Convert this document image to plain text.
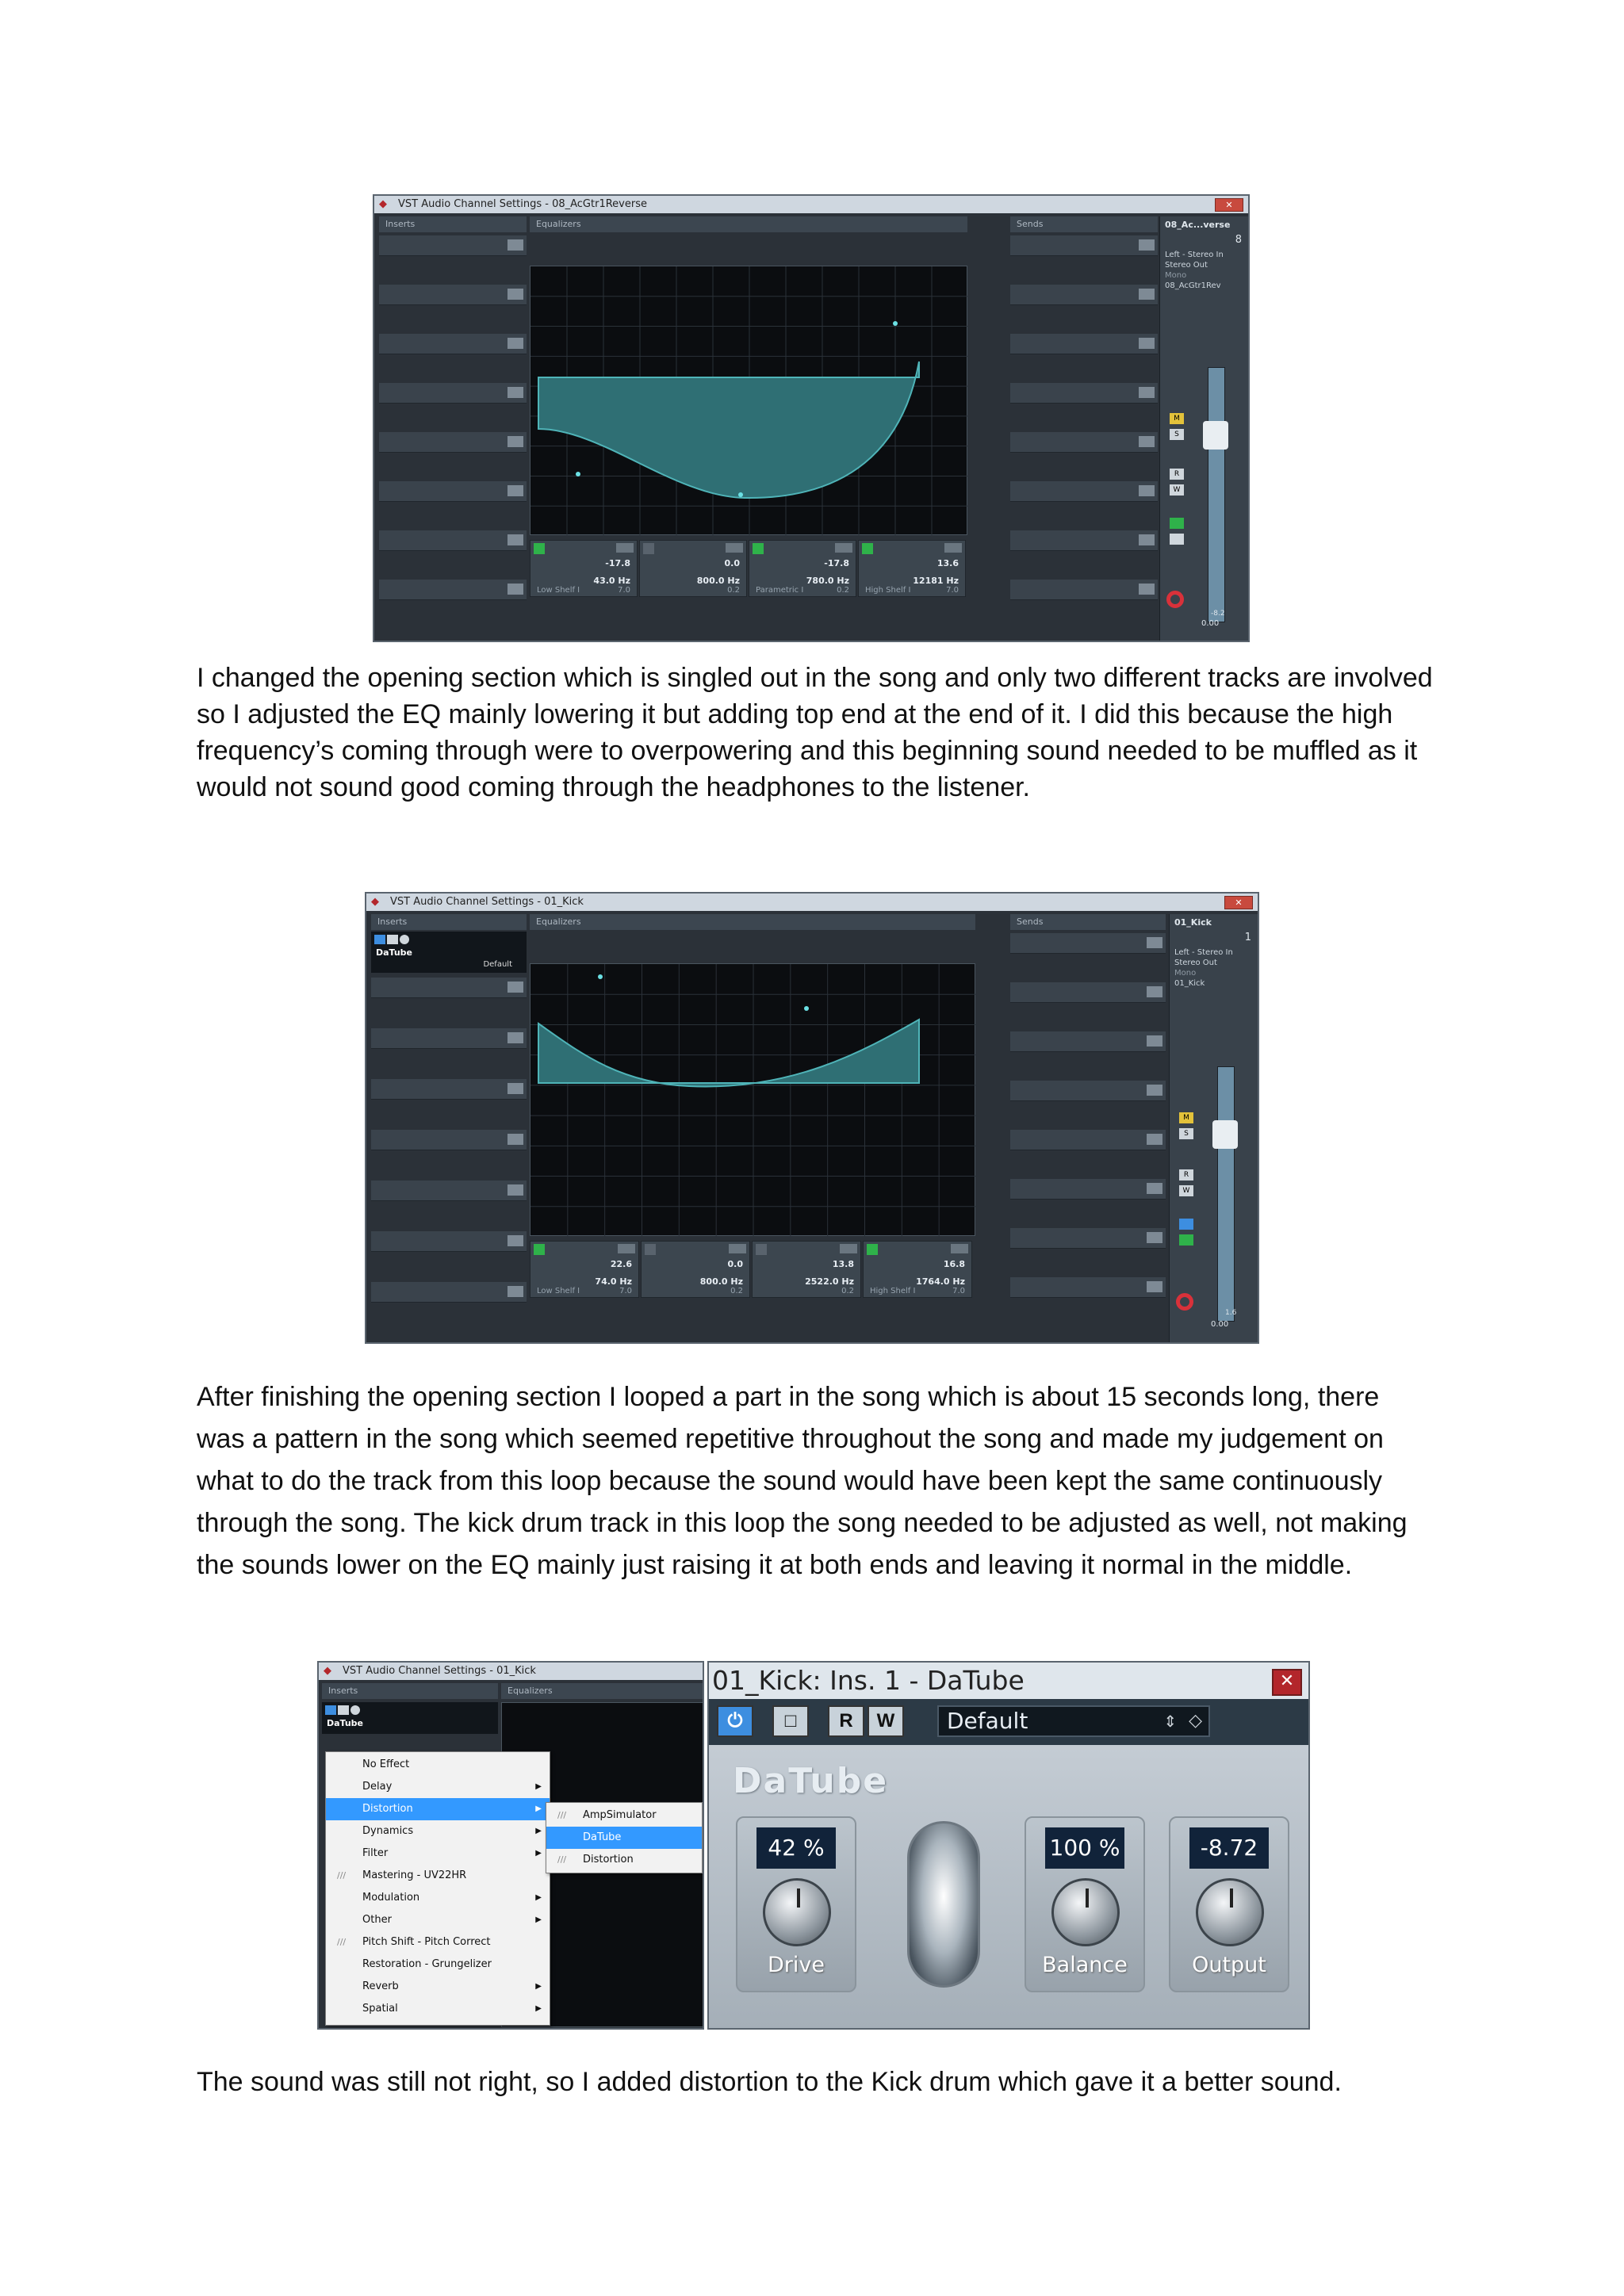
◆	VST Audio Channel Settings - 08_AcGtr1Reverse	✕
Inserts	Equalizers	Sends
-17.8
43.0 Hz
Low Shelf I	7.0
0.0
800.0 Hz
0.2
-17.8
780.0 Hz
Parametric I	0.2
13.6
12181 Hz
High Shelf I	7.0
08_Ac...verse
8
Left - Stereo In
Stereo Out
Mono
08_AcGtr1Rev
M
S
R
W
-8.2
0.00

I changed the opening section which is singled out in the song and only two different tracks are involved so I adjusted the EQ mainly lowering it but adding top end at the end of it. I did this because the high frequency’s coming through were to overpowering and this beginning sound needed to be muffled as it would not sound good coming through the headphones to the listener.

◆	VST Audio Channel Settings - 01_Kick	✕
Inserts	Equalizers	Sends
DaTube
Default
22.6
74.0 Hz
Low Shelf I	7.0
0.0
800.0 Hz
0.2
13.8
2522.0 Hz
0.2
16.8
1764.0 Hz
High Shelf I	7.0
01_Kick
1
Left - Stereo In
Stereo Out
Mono
01_Kick
M
S
R
W
1.6
0.00

After finishing the opening section I looped a part in the song which is about 15 seconds long, there was a pattern in the song which seemed repetitive throughout the song and made my judgement on what to do the track from this loop because the sound would have been kept the same continuously through the song. The kick drum track in this loop the song needed to be adjusted as well, not making the sounds lower on the EQ mainly just raising it at both ends and leaving it normal in the middle.

◆	VST Audio Channel Settings - 01_Kick
Inserts	Equalizers
DaTube
No Effect
Delay	▶
Distortion	▶
Dynamics	▶
Filter	▶
/// Mastering - UV22HR
Modulation	▶
Other	▶
/// Pitch Shift - Pitch Correct
Restoration - Grungelizer
Reverb	▶
Spatial	▶
/// AmpSimulator
DaTube
/// Distortion
01_Kick: Ins. 1 - DaTube	✕
⏻	□	R	W	Default	⇕ ◇
DaTube
42 %
Drive
100 %
Balance
-8.72
Output

The sound was still not right, so I added distortion to the Kick drum which gave it a better sound.
